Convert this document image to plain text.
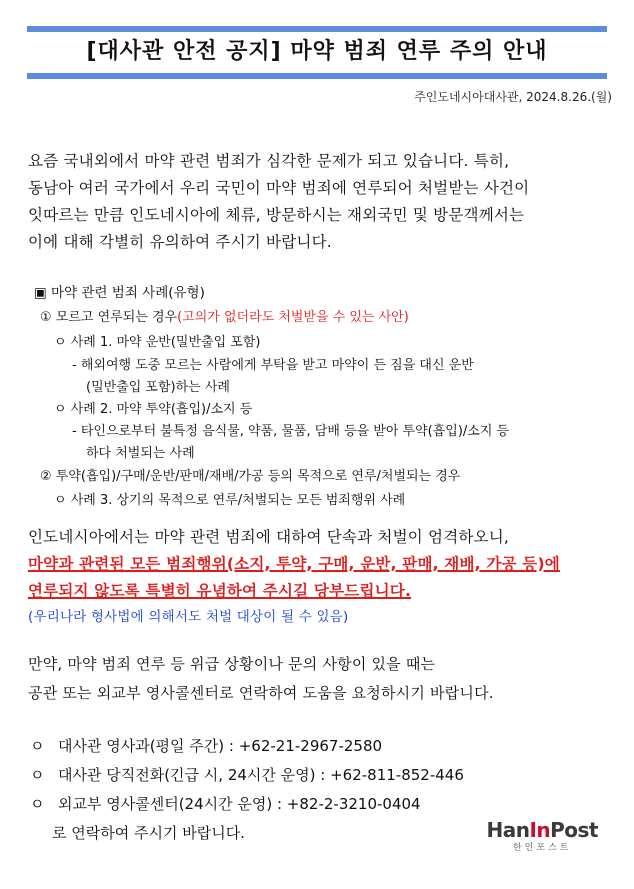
[대사관 안전 공지] 마약 범죄 연루 주의 안내
주인도네시아대사관, 2024.8.26.(월)
요즘 국내외에서 마약 관련 범죄가 심각한 문제가 되고 있습니다. 특히,
동남아 여러 국가에서 우리 국민이 마약 범죄에 연루되어 처벌받는 사건이
잇따르는 만큼 인도네시아에 체류, 방문하시는 재외국민 및 방문객께서는
이에 대해 각별히 유의하여 주시기 바랍니다.
▣ 마약 관련 범죄 사례(유형)
① 모르고 연루되는 경우(고의가 없더라도 처벌받을 수 있는 사안)
ㅇ 사례 1. 마약 운반(밀반출입 포함)
- 해외여행 도중 모르는 사람에게 부탁을 받고 마약이 든 짐을 대신 운반
(밀반출입 포함)하는 사례
ㅇ 사례 2. 마약 투약(흡입)/소지 등
- 타인으로부터 불특정 음식물, 약품, 물품, 담배 등을 받아 투약(흡입)/소지 등
하다 처벌되는 사례
② 투약(흡입)/구매/운반/판매/재배/가공 등의 목적으로 연루/처벌되는 경우
ㅇ 사례 3. 상기의 목적으로 연루/처벌되는 모든 범죄행위 사례
인도네시아에서는 마약 관련 범죄에 대하여 단속과 처벌이 엄격하오니,
마약과 관련된 모든 범죄행위(소지, 투약, 구매, 운반, 판매, 재배, 가공 등)에
연루되지 않도록 특별히 유념하여 주시길 당부드립니다.
(우리나라 형사법에 의해서도 처벌 대상이 될 수 있음)
만약, 마약 범죄 연루 등 위급 상황이나 문의 사항이 있을 때는
공관 또는 외교부 영사콜센터로 연락하여 도움을 요청하시기 바랍니다.
ㅇ 대사관 영사과(평일 주간) : +62-21-2967-2580
ㅇ 대사관 당직전화(긴급 시, 24시간 운영) : +62-811-852-446
ㅇ 외교부 영사콜센터(24시간 운영) : +82-2-3210-0404
로 연락하여 주시기 바랍니다.	HanInPost
한인포스트
